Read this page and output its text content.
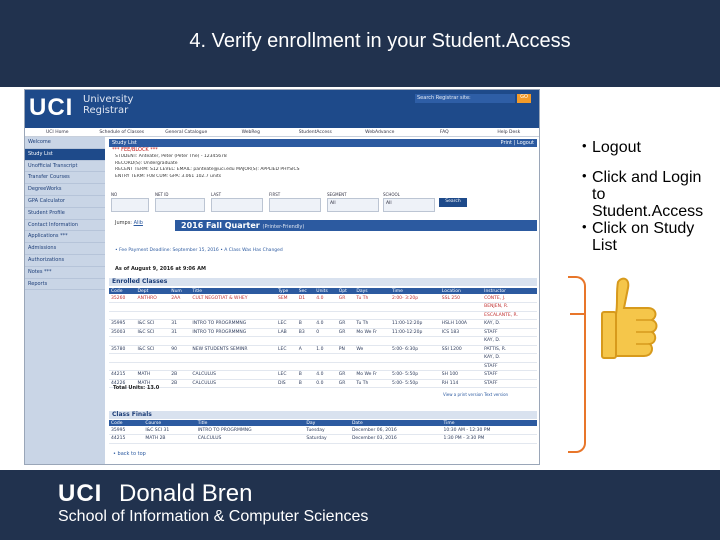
4. Verify enrollment in your Student.Access
UCI University Registrar
Search Registrar site:	GO
UCI Home	Schedule of Classes	General Catalogue	WebReg	StudentAccess	WebAdvance	FAQ	Help Desk
Welcome
Study List
Unofficial Transcript
Transfer Courses
DegreeWorks
GPA Calculator
Student Profile
Contact Information
Applications ***
Admissions
Authorizations
Notes ***
Reports
Study List	Print | Logout
*** FEE/BLOCK ***
STUDENT: Anteater, Peter (Peter The) - 12345678
RECORD(S): Undergraduate
RECENT TERM: S12 LEVEL: EMAIL: panteate@uci.edu MAJOR(S): APPLIED PHYSICS
ENTRY TERM: F08 CUM: GPA: 3.061 102.7 units
NO	NET ID	LAST	FIRST	SEGMENT
All
SCHOOL
All	Search
Jumps: Alib	2016 Fall Quarter (Printer-Friendly)
• Fee Payment Deadline: September 15, 2016 • A Class Was Has Changed
As of August 9, 2016 at 9:06 AM
Enrolled Classes
Code	Dept	Num	Title	Type	Sec	Units	Opt	Days	Time	Location	Instructor
35260	ANTHRO	2AA	CULT NEGOTIAT & WHEY	SEM	D1	4.0	GR	Tu Th	2:00- 3:20p	SSL 250	CONTE, J.
											BENJEN, R.
											ESCALANTE, R.
35995	I&C SCI	31	INTRO TO PROGRMMNG	LEC	B	4.0	GR	Tu Th	11:00-12:20p	HSLH 100A	KAY, D.
35003	I&C SCI	31	INTRO TO PROGRMMNG	LAB	B3	0	GR	Mo We Fr	11:00-12:20p	ICS 183	STAFF
											KAY, D.
35780	I&C SCI	90	NEW STUDENTS SEMINR	LEC	A	1.0	PN	We	5:00- 6:30p	SSI 1200	PATTIS, R.
											KAY, D.
											STAFF
44215	MATH	2B	CALCULUS	LEC	B	4.0	GR	Mo We Fr	5:00- 5:50p	SH 100	STAFF
44226	MATH	2B	CALCULUS	DIS	B	0.0	GR	Tu Th	5:00- 5:50p	RH 114	STAFF
Total Units: 13.0
View a print version Text version
Class Finals
Code	Course	Title	Day	Date	Time
35995	I&C SCI 31	INTRO TO PROGRMMNG	Tuesday	December 06, 2016	10:30 AM - 12:30 PM
44215	MATH 2B	CALCULUS	Saturday	December 03, 2016	1:30 PM - 3:30 PM
• back to top
• Logout
• Click and Login to Student.Access
• Click on Study List
UCI Donald Bren
School of Information & Computer Sciences
